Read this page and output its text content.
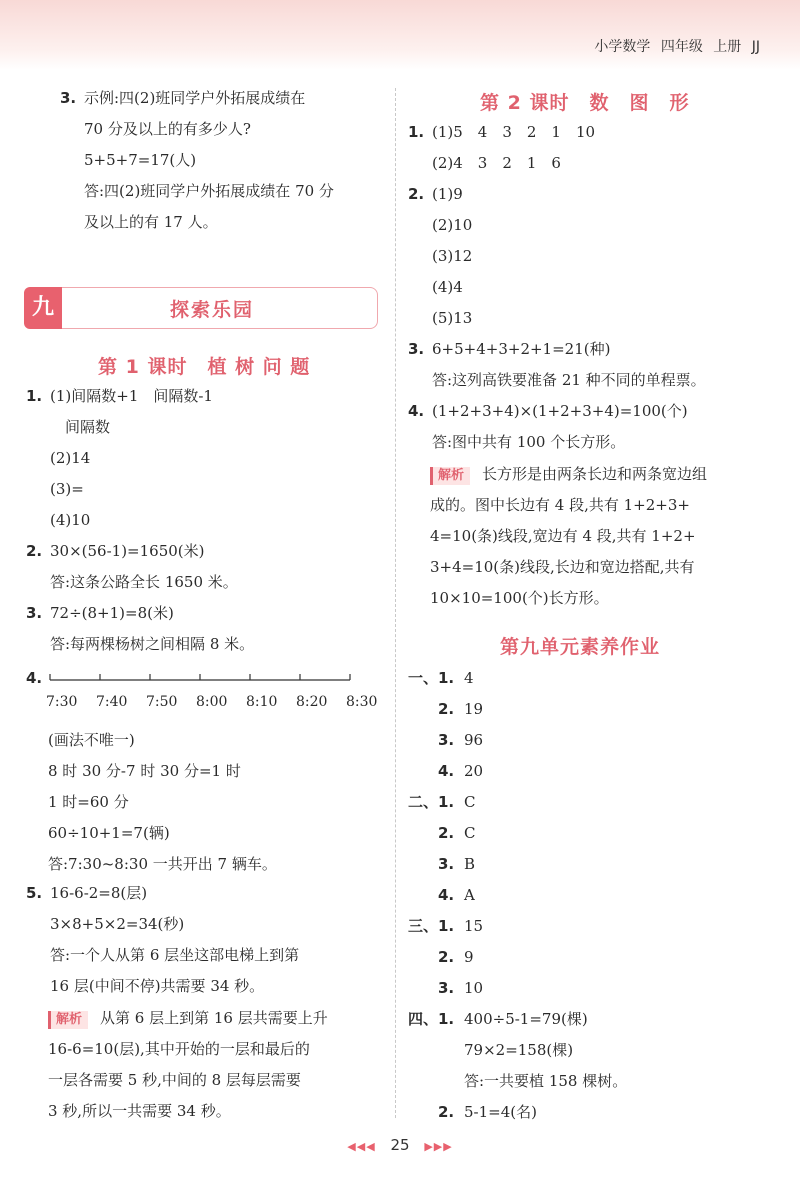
小学数学 四年级 上册 JJ
3. 示例:四(2)班同学户外拓展成绩在
70 分及以上的有多少人?
5+5+7=17(人)
答:四(2)班同学户外拓展成绩在 70 分
及以上的有 17 人。
1. (1)间隔数+1　间隔数-1
　间隔数
(2)14
(3)=
(4)10
2. 30×(56-1)=1650(米)
答:这条公路全长 1650 米。
3. 72÷(8+1)=8(米)
答:每两棵杨树之间相隔 8 米。
4.
7:30 7:40 7:50 8:00 8:10 8:20 8:30
(画法不唯一)
8 时 30 分-7 时 30 分=1 时
1 时=60 分
60÷10+1=7(辆)
答:7:30~8:30 一共开出 7 辆车。
5. 16-6-2=8(层)
3×8+5×2=34(秒)
答:一个人从第 6 层坐这部电梯上到第
16 层(中间不停)共需要 34 秒。
解析 从第 6 层上到第 16 层共需要上升
16-6=10(层),其中开始的一层和最后的
一层各需要 5 秒,中间的 8 层每层需要
3 秒,所以一共需要 34 秒。
九	探索乐园
第 1 课时　植 树 问 题
1. (1)5　4　3　2　1　10
(2)4　3　2　1　6
2. (1)9
(2)10
(3)12
(4)4
(5)13
3. 6+5+4+3+2+1=21(种)
答:这列高铁要准备 21 种不同的单程票。
4. (1+2+3+4)×(1+2+3+4)=100(个)
答:图中共有 100 个长方形。
解析 长方形是由两条长边和两条宽边组
成的。图中长边有 4 段,共有 1+2+3+
4=10(条)线段,宽边有 4 段,共有 1+2+
3+4=10(条)线段,长边和宽边搭配,共有
10×10=100(个)长方形。
一、 1. 4
2. 19
3. 96
4. 20
二、 1. C
2. C
3. B
4. A
三、 1. 15
2. 9
3. 10
四、 1. 400÷5-1=79(棵)
79×2=158(棵)
答:一共要植 158 棵树。
2. 5-1=4(名)
第 2 课时　数　图　形
第九单元素养作业
◀◀◀ 25 ▶▶▶
